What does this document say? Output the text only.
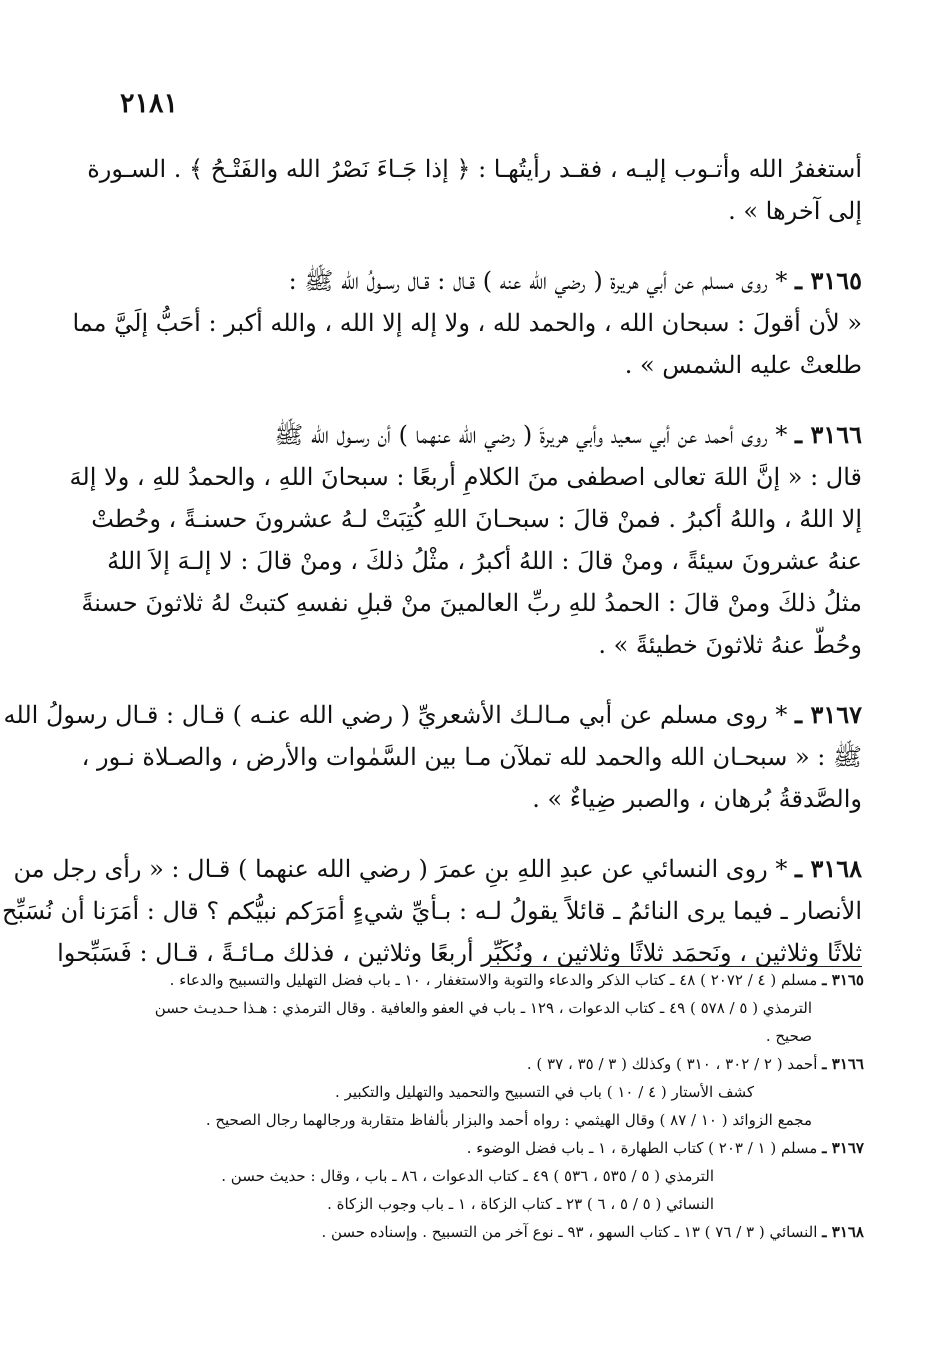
٢١٨١
أستغفرُ الله وأتـوب إليـه ، فقـد رأيتُهـا : ﴿ إذا جَـاءَ نَصْرُ الله والفَتْـحُ ﴾ . السـورة
إلى آخرها » .
٣١٦٥ ـ * روى مسلم عن أبي هريرة ( رضي الله عنه ) قـال : قـال رسـولُ الله ﷺ :
« لأن أقولَ : سبحان الله ، والحمد لله ، ولا إله إلا الله ، والله أكبر : أحَبُّ إلَيَّ مما
طلعتْ عليه الشمس » .
٣١٦٦ ـ * روى أحمد عن أبي سعيد وأبي هريرةَ ( رضي الله عنهما ) أن رسـول الله ﷺ
قال : « إنَّ اللهَ تعالى اصطفى منَ الكلامِ أربعًا : سبحانَ اللهِ ، والحمدُ للهِ ، ولا إلهَ
إلا اللهُ ، واللهُ أكبرُ . فمنْ قالَ : سبحـانَ اللهِ كُتِبَتْ لـهُ عشرونَ حسنـةً ، وحُطتْ
عنهُ عشرونَ سيئةً ، ومنْ قالَ : اللهُ أكبرُ ، مثْلُ ذلكَ ، ومنْ قالَ : لا إلـهَ إلاَ اللهُ
مثلُ ذلكَ ومنْ قالَ : الحمدُ للهِ ربِّ العالمينَ منْ قبلِ نفسهِ كتبتْ لهُ ثلاثونَ حسنةً
وحُطّ عنهُ ثلاثونَ خطيئةً » .
٣١٦٧ ـ * روى مسلم عن أبي مـالـك الأشعريِّ ( رضي الله عنـه ) قـال : قـال رسولُ الله
ﷺ : « سبحـان الله والحمد لله تملآن مـا بين السَّمٰوات والأرض ، والصـلاة نـور ،
والصَّدقةُ بُرهان ، والصبر ضِياءٌ » .
٣١٦٨ ـ * روى النسائي عن عبدِ اللهِ بنِ عمرَ ( رضي الله عنهما ) قـال : « رأى رجل من
الأنصار ـ فيما يرى النائمُ ـ قائلاً يقولُ لـه : بـأيِّ شيءٍ أمَرَكم نبيُّكم ؟ قال : أمَرَنا أن نُسَبِّح
ثلاثًا وثلاثين ، ونَحمَد ثلاثًا وثلاثين ، ونُكَبِّر أربعًا وثلاثين ، فذلك مـائـةً ، قـال : فَسَبِّحوا
٣١٦٥ ـ مسلم ( ٤ / ٢٠٧٢ ) ٤٨ ـ كتاب الذكر والدعاء والتوبة والاستغفار ، ١٠ ـ باب فضل التهليل والتسبيح والدعاء .
الترمذي ( ٥ / ٥٧٨ ) ٤٩ ـ كتاب الدعوات ، ١٢٩ ـ باب في العفو والعافية . وقال الترمذي : هـذا حـديـث حسن
صحيح .
٣١٦٦ ـ أحمد ( ٢ / ٣٠٢ ، ٣١٠ ) وكذلك ( ٣ / ٣٥ ، ٣٧ ) .
كشف الأستار ( ٤ / ١٠ ) باب في التسبيح والتحميد والتهليل والتكبير .
مجمع الزوائد ( ١٠ / ٨٧ ) وقال الهيثمي : رواه أحمد والبزار بألفاظ متقاربة ورجالهما رجال الصحيح .
٣١٦٧ ـ مسلم ( ١ / ٢٠٣ ) كتاب الطهارة ، ١ ـ باب فضل الوضوء .
الترمذي ( ٥ / ٥٣٥ ، ٥٣٦ ) ٤٩ ـ كتاب الدعوات ، ٨٦ ـ باب ، وقال : حديث حسن .
النسائي ( ٥ / ٥ ، ٦ ) ٢٣ ـ كتاب الزكاة ، ١ ـ باب وجوب الزكاة .
٣١٦٨ ـ النسائي ( ٣ / ٧٦ ) ١٣ ـ كتاب السهو ، ٩٣ ـ نوع آخر من التسبيح . وإسناده حسن .
